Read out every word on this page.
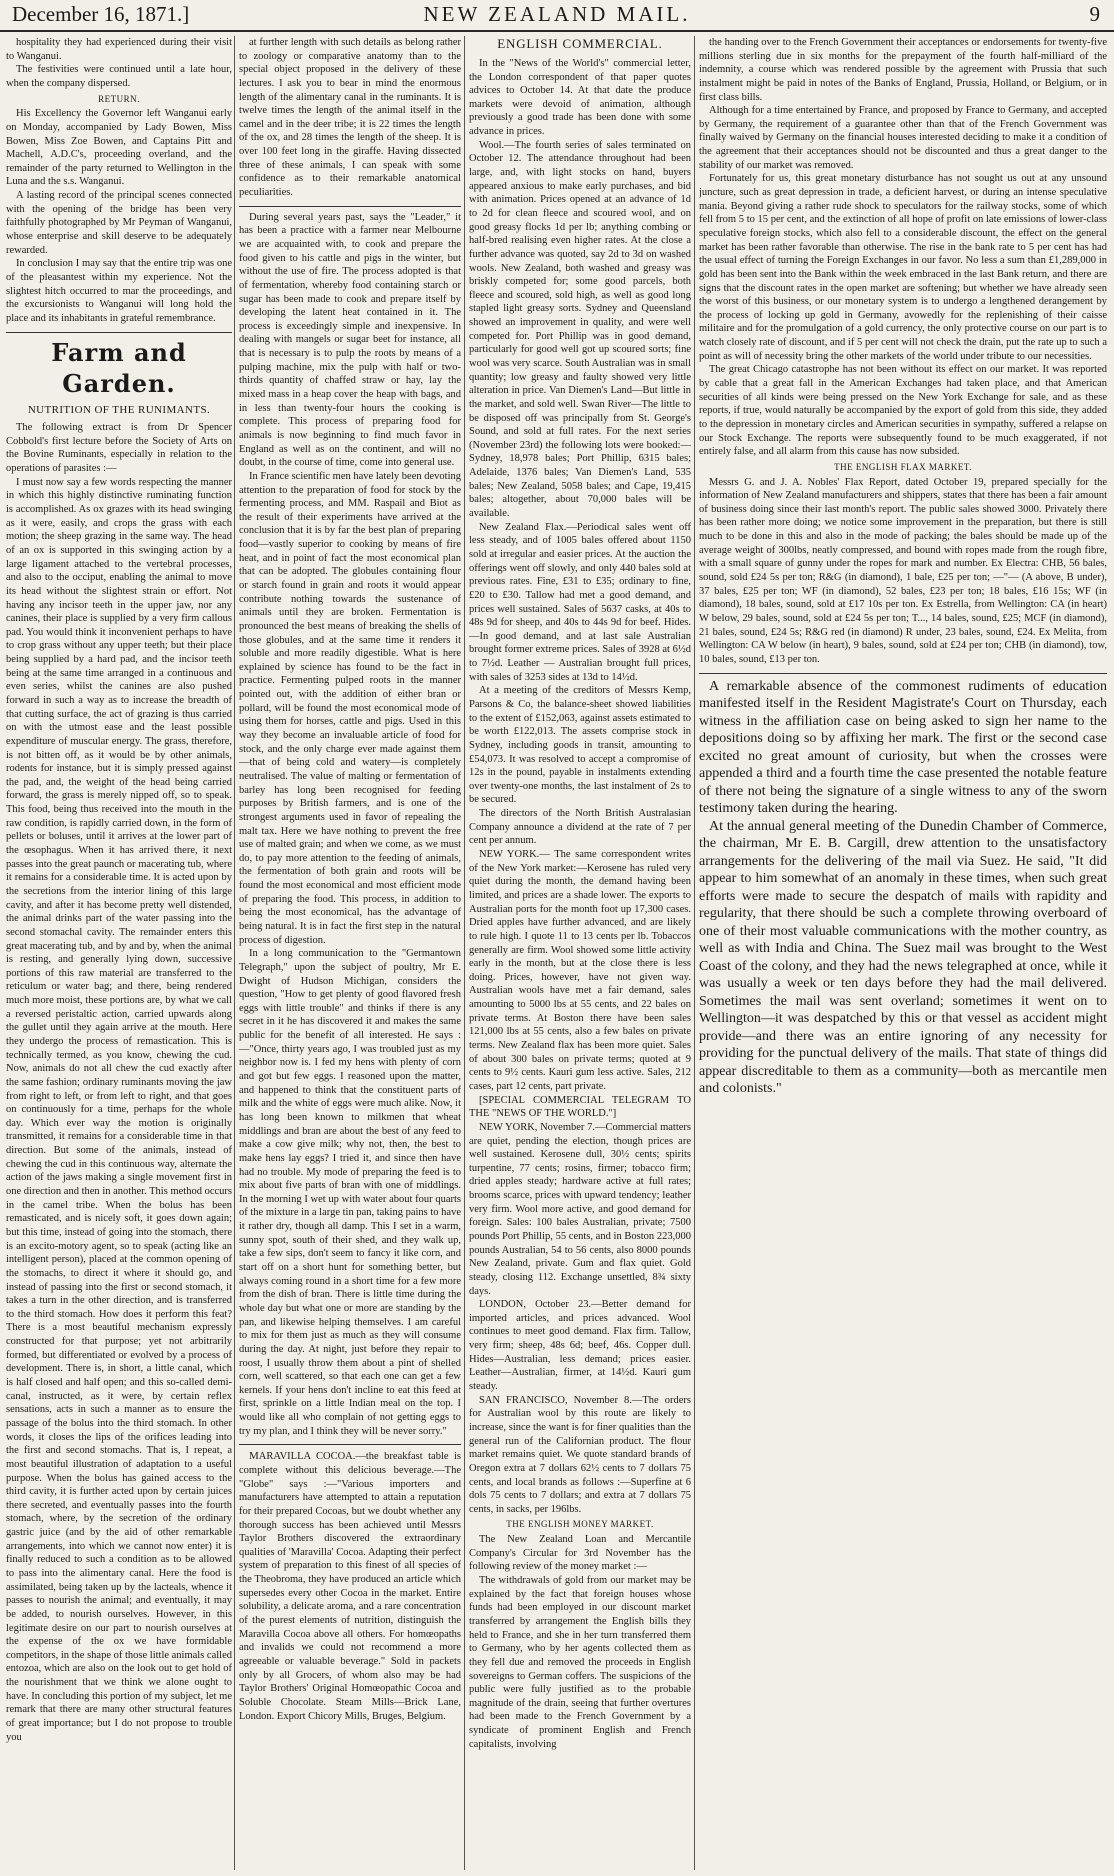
December 16, 1871.]	NEW ZEALAND MAIL.	9

hospitality they had experienced during their visit to Wanganui.

The festivities were continued until a late hour, when the company dispersed.

RETURN.

His Excellency the Governor left Wanganui early on Monday, accompanied by Lady Bowen, Miss Bowen, Miss Zoe Bowen, and Captains Pitt and Machell, A.D.C's, proceeding overland, and the remainder of the party returned to Wellington in the Luna and the s.s. Wanganui.

A lasting record of the principal scenes connected with the opening of the bridge has been very faithfully photographed by Mr Peyman of Wanganui, whose enterprise and skill deserve to be adequately rewarded.

In conclusion I may say that the entire trip was one of the pleasantest within my experience. Not the slightest hitch occurred to mar the proceedings, and the excursionists to Wanganui will long hold the place and its inhabitants in grateful remembrance.

Farm and Garden.
NUTRITION OF THE RUNIMANTS.

The following extract is from Dr Spencer Cobbold's first lecture before the Society of Arts on the Bovine Ruminants, especially in relation to the operations of parasites :—

I must now say a few words respecting the manner in which this highly distinctive ruminating function is accomplished. As ox grazes with its head swinging as it were, easily, and crops the grass with each motion; the sheep grazing in the same way. The head of an ox is supported in this swinging action by a large ligament attached to the vertebral processes, and also to the occiput, enabling the animal to move its head without the slightest strain or effort. Not having any incisor teeth in the upper jaw, nor any canines, their place is supplied by a very firm callous pad. You would think it inconvenient perhaps to have to crop grass without any upper teeth; but their place being supplied by a hard pad, and the incisor teeth being at the same time arranged in a continuous and even series, whilst the canines are also pushed forward in such a way as to increase the breadth of that cutting surface, the act of grazing is thus carried on with the utmost ease and the least possible expenditure of muscular energy. The grass, therefore, is not bitten off, as it would be by other animals, rodents for instance, but it is simply pressed against the pad, and, the weight of the head being carried forward, the grass is merely nipped off, so to speak. This food, being thus received into the mouth in the raw condition, is rapidly carried down, in the form of pellets or boluses, until it arrives at the lower part of the œsophagus. When it has arrived there, it next passes into the great paunch or macerating tub, where it remains for a considerable time. It is acted upon by the secretions from the interior lining of this large cavity, and after it has become pretty well distended, the animal drinks part of the water passing into the second stomachal cavity. The remainder enters this great macerating tub, and by and by, when the animal is resting, and generally lying down, successive portions of this raw material are transferred to the reticulum or water bag; and there, being rendered much more moist, these portions are, by what we call a reversed peristaltic action, carried upwards along the gullet until they again arrive at the mouth. Here they undergo the process of remastication. This is technically termed, as you know, chewing the cud. Now, animals do not all chew the cud exactly after the same fashion; ordinary ruminants moving the jaw from right to left, or from left to right, and that goes on continuously for a time, perhaps for the whole day. Which ever way the motion is originally transmitted, it remains for a considerable time in that direction. But some of the animals, instead of chewing the cud in this continuous way, alternate the action of the jaws making a single movement first in one direction and then in another. This method occurs in the camel tribe. When the bolus has been remasticated, and is nicely soft, it goes down again; but this time, instead of going into the stomach, there is an excito-motory agent, so to speak (acting like an intelligent person), placed at the common opening of the stomachs, to direct it where it should go, and instead of passing into the first or second stomach, it takes a turn in the other direction, and is transferred to the third stomach. How does it perform this feat? There is a most beautiful mechanism expressly constructed for that purpose; yet not arbitrarily formed, but differentiated or evolved by a process of development. There is, in short, a little canal, which is half closed and half open; and this so-called demi-canal, instructed, as it were, by certain reflex sensations, acts in such a manner as to ensure the passage of the bolus into the third stomach. In other words, it closes the lips of the orifices leading into the first and second stomachs. That is, I repeat, a most beautiful illustration of adaptation to a useful purpose. When the bolus has gained access to the third cavity, it is further acted upon by certain juices there secreted, and eventually passes into the fourth stomach, where, by the secretion of the ordinary gastric juice (and by the aid of other remarkable arrangements, into which we cannot now enter) it is finally reduced to such a condition as to be allowed to pass into the alimentary canal. Here the food is assimilated, being taken up by the lacteals, whence it passes to nourish the animal; and eventually, it may be added, to nourish ourselves. However, in this legitimate desire on our part to nourish ourselves at the expense of the ox we have formidable competitors, in the shape of those little animals called entozoa, which are also on the look out to get hold of the nourishment that we think we alone ought to have. In concluding this portion of my subject, let me remark that there are many other structural features of great importance; but I do not propose to trouble you

at further length with such details as belong rather to zoology or comparative anatomy than to the special object proposed in the delivery of these lectures. I ask you to bear in mind the enormous length of the alimentary canal in the ruminants. It is twelve times the length of the animal itself in the camel and in the deer tribe; it is 22 times the length of the ox, and 28 times the length of the sheep. It is over 100 feet long in the giraffe. Having dissected three of these animals, I can speak with some confidence as to their remarkable anatomical peculiarities.

During several years past, says the "Leader," it has been a practice with a farmer near Melbourne we are acquainted with, to cook and prepare the food given to his cattle and pigs in the winter, but without the use of fire. The process adopted is that of fermentation, whereby food containing starch or sugar has been made to cook and prepare itself by developing the latent heat contained in it. The process is exceedingly simple and inexpensive. In dealing with mangels or sugar beet for instance, all that is necessary is to pulp the roots by means of a pulping machine, mix the pulp with half or two-thirds quantity of chaffed straw or hay, lay the mixed mass in a heap cover the heap with bags, and in less than twenty-four hours the cooking is complete. This process of preparing food for animals is now beginning to find much favor in England as well as on the continent, and will no doubt, in the course of time, come into general use.

In France scientific men have lately been devoting attention to the preparation of food for stock by the fermenting process, and MM. Raspail and Biot as the result of their experiments have arrived at the conclusion that it is by far the best plan of preparing food—vastly superior to cooking by means of fire heat, and in point of fact the most economical plan that can be adopted. The globules containing flour or starch found in grain and roots it would appear contribute nothing towards the sustenance of animals until they are broken. Fermentation is pronounced the best means of breaking the shells of those globules, and at the same time it renders it soluble and more readily digestible. What is here explained by science has found to be the fact in practice. Fermenting pulped roots in the manner pointed out, with the addition of either bran or pollard, will be found the most economical mode of using them for horses, cattle and pigs. Used in this way they become an invaluable article of food for stock, and the only charge ever made against them—that of being cold and watery—is completely neutralised. The value of malting or fermentation of barley has long been recognised for feeding purposes by British farmers, and is one of the strongest arguments used in favor of repealing the malt tax. Here we have nothing to prevent the free use of malted grain; and when we come, as we must do, to pay more attention to the feeding of animals, the fermentation of both grain and roots will be found the most economical and most efficient mode of preparing the food. This process, in addition to being the most economical, has the advantage of being natural. It is in fact the first step in the natural process of digestion.

In a long communication to the "Germantown Telegraph," upon the subject of poultry, Mr E. Dwight of Hudson Michigan, considers the question, "How to get plenty of good flavored fresh eggs with little trouble" and thinks if there is any secret in it he has discovered it and makes the same public for the benefit of all interested. He says :—"Once, thirty years ago, I was troubled just as my neighbor now is. I fed my hens with plenty of corn and got but few eggs. I reasoned upon the matter, and happened to think that the constituent parts of milk and the white of eggs were much alike. Now, it has long been known to milkmen that wheat middlings and bran are about the best of any feed to make a cow give milk; why not, then, the best to make hens lay eggs? I tried it, and since then have had no trouble. My mode of preparing the feed is to mix about five parts of bran with one of middlings. In the morning I wet up with water about four quarts of the mixture in a large tin pan, taking pains to have it rather dry, though all damp. This I set in a warm, sunny spot, south of their shed, and they walk up, take a few sips, don't seem to fancy it like corn, and start off on a short hunt for something better, but always coming round in a short time for a few more from the dish of bran. There is little time during the whole day but what one or more are standing by the pan, and likewise helping themselves. I am careful to mix for them just as much as they will consume during the day. At night, just before they repair to roost, I usually throw them about a pint of shelled corn, well scattered, so that each one can get a few kernels. If your hens don't incline to eat this feed at first, sprinkle on a little Indian meal on the top. I would like all who complain of not getting eggs to try my plan, and I think they will be never sorry."

MARAVILLA COCOA.—the breakfast table is complete without this delicious beverage.—The "Globe" says :—"Various importers and manufacturers have attempted to attain a reputation for their prepared Cocoas, but we doubt whether any thorough success has been achieved until Messrs Taylor Brothers discovered the extraordinary qualities of 'Maravilla' Cocoa. Adapting their perfect system of preparation to this finest of all species of the Theobroma, they have produced an article which supersedes every other Cocoa in the market. Entire solubility, a delicate aroma, and a rare concentration of the purest elements of nutrition, distinguish the Maravilla Cocoa above all others. For homœopaths and invalids we could not recommend a more agreeable or valuable beverage." Sold in packets only by all Grocers, of whom also may be had Taylor Brothers' Original Homœopathic Cocoa and Soluble Chocolate. Steam Mills—Brick Lane, London. Export Chicory Mills, Bruges, Belgium.

ENGLISH COMMERCIAL.

In the "News of the World's" commercial letter, the London correspondent of that paper quotes advices to October 14. At that date the produce markets were devoid of animation, although previously a good trade has been done with some advance in prices.

Wool.—The fourth series of sales terminated on October 12. The attendance throughout had been large, and, with light stocks on hand, buyers appeared anxious to make early purchases, and bid with animation. Prices opened at an advance of 1d to 2d for clean fleece and scoured wool, and on good greasy flocks 1d per lb; anything combing or half-bred realising even higher rates. At the close a further advance was quoted, say 2d to 3d on washed wools. New Zealand, both washed and greasy was briskly competed for; some good parcels, both fleece and scoured, sold high, as well as good long stapled light greasy sorts. Sydney and Queensland showed an improvement in quality, and were well competed for. Port Phillip was in good demand, particularly for good well got up scoured sorts; fine wool was very scarce. South Australian was in small quantity; low greasy and faulty showed very little alteration in price. Van Diemen's Land—But little in the market, and sold well. Swan River—The little to be disposed off was principally from St. George's Sound, and sold at full rates. For the next series (November 23rd) the following lots were booked:—Sydney, 18,978 bales; Port Phillip, 6315 bales; Adelaide, 1376 bales; Van Diemen's Land, 535 bales; New Zealand, 5058 bales; and Cape, 19,415 bales; altogether, about 70,000 bales will be available.

New Zealand Flax.—Periodical sales went off less steady, and of 1005 bales offered about 1150 sold at irregular and easier prices. At the auction the offerings went off slowly, and only 440 bales sold at previous rates. Fine, £31 to £35; ordinary to fine, £20 to £30. Tallow had met a good demand, and prices well sustained. Sales of 5637 casks, at 40s to 48s 9d for sheep, and 40s to 44s 9d for beef. Hides.—In good demand, and at last sale Australian brought former extreme prices. Sales of 3928 at 6½d to 7½d. Leather — Australian brought full prices, with sales of 3253 sides at 13d to 14½d.

At a meeting of the creditors of Messrs Kemp, Parsons & Co, the balance-sheet showed liabilities to the extent of £152,063, against assets estimated to be worth £122,013. The assets comprise stock in Sydney, including goods in transit, amounting to £54,073. It was resolved to accept a compromise of 12s in the pound, payable in instalments extending over twenty-one months, the last instalment of 2s to be secured.

The directors of the North British Australasian Company announce a dividend at the rate of 7 per cent per annum.

NEW YORK.— The same correspondent writes of the New York market:—Kerosene has ruled very quiet during the month, the demand having been limited, and prices are a shade lower. The exports to Australian ports for the month foot up 17,300 cases. Dried apples have further advanced, and are likely to rule high. I quote 11 to 13 cents per lb. Tobaccos generally are firm. Wool showed some little activity early in the month, but at the close there is less doing. Prices, however, have not given way. Australian wools have met a fair demand, sales amounting to 5000 lbs at 55 cents, and 22 bales on private terms. At Boston there have been sales 121,000 lbs at 55 cents, also a few bales on private terms. New Zealand flax has been more quiet. Sales of about 300 bales on private terms; quoted at 9 cents to 9½ cents. Kauri gum less active. Sales, 212 cases, part 12 cents, part private.

[SPECIAL COMMERCIAL TELEGRAM TO THE "NEWS OF THE WORLD."]

NEW YORK, November 7.—Commercial matters are quiet, pending the election, though prices are well sustained. Kerosene dull, 30½ cents; spirits turpentine, 77 cents; rosins, firmer; tobacco firm; dried apples steady; hardware active at full rates; brooms scarce, prices with upward tendency; leather very firm. Wool more active, and good demand for foreign. Sales: 100 bales Australian, private; 7500 pounds Port Phillip, 55 cents, and in Boston 223,000 pounds Australian, 54 to 56 cents, also 8000 pounds New Zealand, private. Gum and flax quiet. Gold steady, closing 112. Exchange unsettled, 8¾ sixty days.

LONDON, October 23.—Better demand for imported articles, and prices advanced. Wool continues to meet good demand. Flax firm. Tallow, very firm; sheep, 48s 6d; beef, 46s. Copper dull. Hides—Australian, less demand; prices easier. Leather—Australian, firmer, at 14½d. Kauri gum steady.

SAN FRANCISCO, November 8.—The orders for Australian wool by this route are likely to increase, since the want is for finer qualities than the general run of the Californian product. The flour market remains quiet. We quote standard brands of Oregon extra at 7 dollars 62½ cents to 7 dollars 75 cents, and local brands as follows :—Superfine at 6 dols 75 cents to 7 dollars; and extra at 7 dollars 75 cents, in sacks, per 196lbs.

THE ENGLISH MONEY MARKET.

The New Zealand Loan and Mercantile Company's Circular for 3rd November has the following review of the money market :—

The withdrawals of gold from our market may be explained by the fact that foreign houses whose funds had been employed in our discount market transferred by arrangement the English bills they held to France, and she in her turn transferred them to Germany, who by her agents collected them as they fell due and removed the proceeds in English sovereigns to German coffers. The suspicions of the public were fully justified as to the probable magnitude of the drain, seeing that further overtures had been made to the French Government by a syndicate of prominent English and French capitalists, involving

the handing over to the French Government their acceptances or endorsements for twenty-five millions sterling due in six months for the prepayment of the fourth half-milliard of the indemnity, a course which was rendered possible by the agreement with Prussia that such instalment might be paid in notes of the Banks of England, Prussia, Holland, or Belgium, or in first class bills.

Although for a time entertained by France, and proposed by France to Germany, and accepted by Germany, the requirement of a guarantee other than that of the French Government was finally waived by Germany on the financial houses interested deciding to make it a condition of the agreement that their acceptances should not be discounted and thus a great danger to the stability of our market was removed.

Fortunately for us, this great monetary disturbance has not sought us out at any unsound juncture, such as great depression in trade, a deficient harvest, or during an intense speculative mania. Beyond giving a rather rude shock to speculators for the railway stocks, some of which fell from 5 to 15 per cent, and the extinction of all hope of profit on late emissions of lower-class speculative foreign stocks, which also fell to a considerable discount, the effect on the general market has been rather favorable than otherwise. The rise in the bank rate to 5 per cent has had the usual effect of turning the Foreign Exchanges in our favor. No less a sum than £1,289,000 in gold has been sent into the Bank within the week embraced in the last Bank return, and there are signs that the discount rates in the open market are softening; but whether we have already seen the worst of this business, or our monetary system is to undergo a lengthened derangement by the process of locking up gold in Germany, avowedly for the replenishing of their caisse militaire and for the promulgation of a gold currency, the only protective course on our part is to watch closely rate of discount, and if 5 per cent will not check the drain, put the rate up to such a point as will of necessity bring the other markets of the world under tribute to our necessities.

The great Chicago catastrophe has not been without its effect on our market. It was reported by cable that a great fall in the American Exchanges had taken place, and that American securities of all kinds were being pressed on the New York Exchange for sale, and as these reports, if true, would naturally be accompanied by the export of gold from this side, they added to the depression in monetary circles and American securities in sympathy, suffered a relapse on our Stock Exchange. The reports were subsequently found to be much exaggerated, if not entirely false, and all alarm from this cause has now subsided.

THE ENGLISH FLAX MARKET.

Messrs G. and J. A. Nobles' Flax Report, dated October 19, prepared specially for the information of New Zealand manufacturers and shippers, states that there has been a fair amount of business doing since their last month's report. The public sales showed 3000. Privately there has been rather more doing; we notice some improvement in the preparation, but there is still much to be done in this and also in the mode of packing; the bales should be made up of the average weight of 300lbs, neatly compressed, and bound with ropes made from the rough fibre, with a small square of gunny under the ropes for mark and number. Ex Electra: CHB, 56 bales, sound, sold £24 5s per ton; R&G (in diamond), 1 bale, £25 per ton; —"— (A above, B under), 37 bales, £25 per ton; WF (in diamond), 52 bales, £23 per ton; 18 bales, £16 15s; WF (in diamond), 18 bales, sound, sold at £17 10s per ton. Ex Estrella, from Wellington: CA (in heart) W below, 29 bales, sound, sold at £24 5s per ton; T..., 14 bales, sound, £25; MCF (in diamond), 21 bales, sound, £24 5s; R&G red (in diamond) R under, 23 bales, sound, £24. Ex Melita, from Wellington: CA W below (in heart), 9 bales, sound, sold at £24 per ton; CHB (in diamond), tow, 10 bales, sound, £13 per ton.

A remarkable absence of the commonest rudiments of education manifested itself in the Resident Magistrate's Court on Thursday, each witness in the affiliation case on being asked to sign her name to the depositions doing so by affixing her mark. The first or the second case excited no great amount of curiosity, but when the crosses were appended a third and a fourth time the case presented the notable feature of there not being the signature of a single witness to any of the sworn testimony taken during the hearing.

At the annual general meeting of the Dunedin Chamber of Commerce, the chairman, Mr E. B. Cargill, drew attention to the unsatisfactory arrangements for the delivering of the mail via Suez. He said, "It did appear to him somewhat of an anomaly in these times, when such great efforts were made to secure the despatch of mails with rapidity and regularity, that there should be such a complete throwing overboard of one of their most valuable communications with the mother country, as well as with India and China. The Suez mail was brought to the West Coast of the colony, and they had the news telegraphed at once, while it was usually a week or ten days before they had the mail delivered. Sometimes the mail was sent overland; sometimes it went on to Wellington—it was despatched by this or that vessel as accident might provide—and there was an entire ignoring of any necessity for providing for the punctual delivery of the mails. That state of things did appear discreditable to them as a community—both as mercantile men and colonists."
